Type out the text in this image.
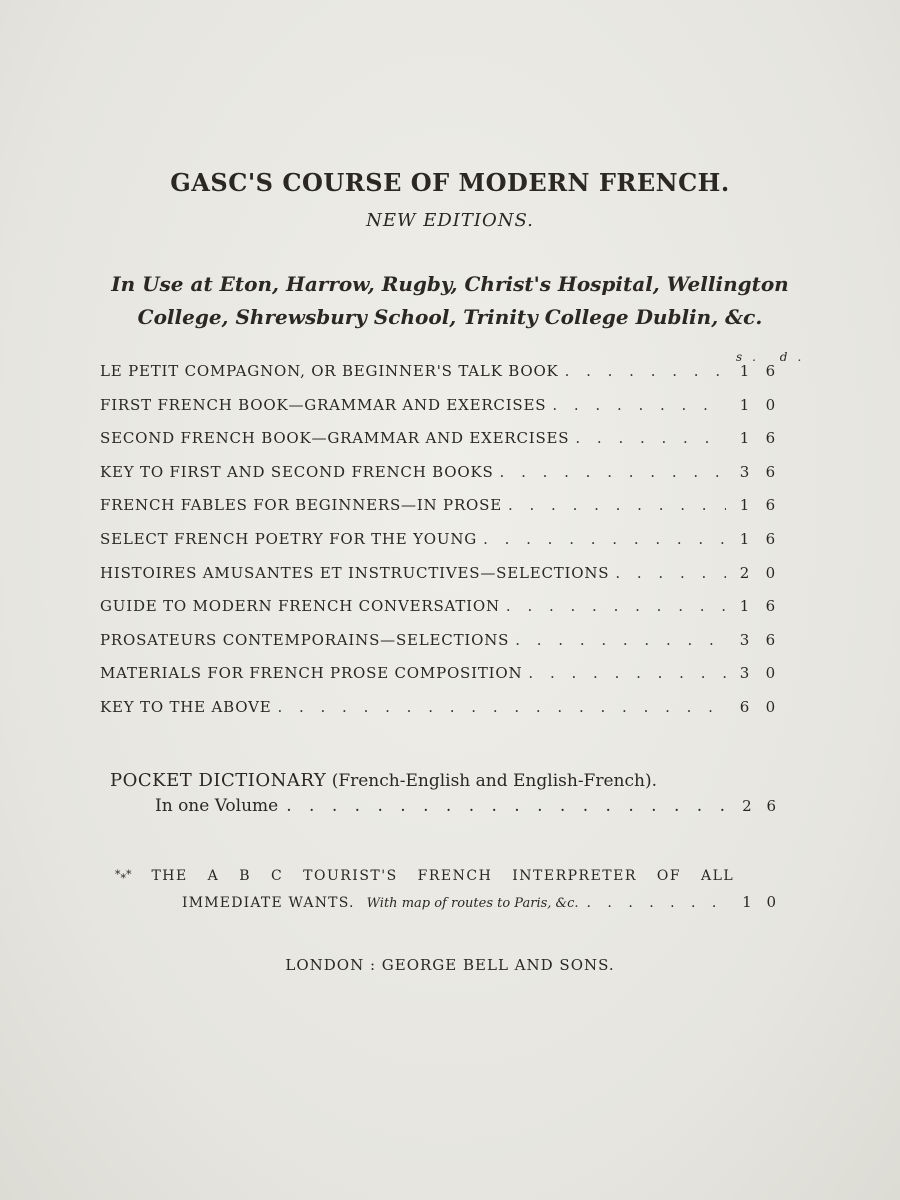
GASC'S COURSE OF MODERN FRENCH.
NEW EDITIONS.
In Use at Eton, Harrow, Rugby, Christ's Hospital, Wellington
College, Shrewsbury School, Trinity College Dublin, &c.
s. d.
LE PETIT COMPAGNON, OR BEGINNER'S TALK BOOK . . .	1 6
FIRST FRENCH BOOK—GRAMMAR AND EXERCISES . . .	1 0
SECOND FRENCH BOOK—GRAMMAR AND EXERCISES . . .	1 6
KEY TO FIRST AND SECOND FRENCH BOOKS . . .	3 6
FRENCH FABLES FOR BEGINNERS—IN PROSE . . .	1 6
SELECT FRENCH POETRY FOR THE YOUNG . . .	1 6
HISTOIRES AMUSANTES ET INSTRUCTIVES—SELECTIONS . . .	2 0
GUIDE TO MODERN FRENCH CONVERSATION . . .	1 6
PROSATEURS CONTEMPORAINS—SELECTIONS . . .	3 6
MATERIALS FOR FRENCH PROSE COMPOSITION . . .	3 0
KEY TO THE ABOVE . . .	6 0
POCKET DICTIONARY (French-English and English-French).
In one Volume . . .	2 6
*⁎* THE A B C TOURIST'S FRENCH INTERPRETER OF ALL
IMMEDIATE WANTS. With map of routes to Paris, &c. . . .	1 0
LONDON : GEORGE BELL AND SONS.
